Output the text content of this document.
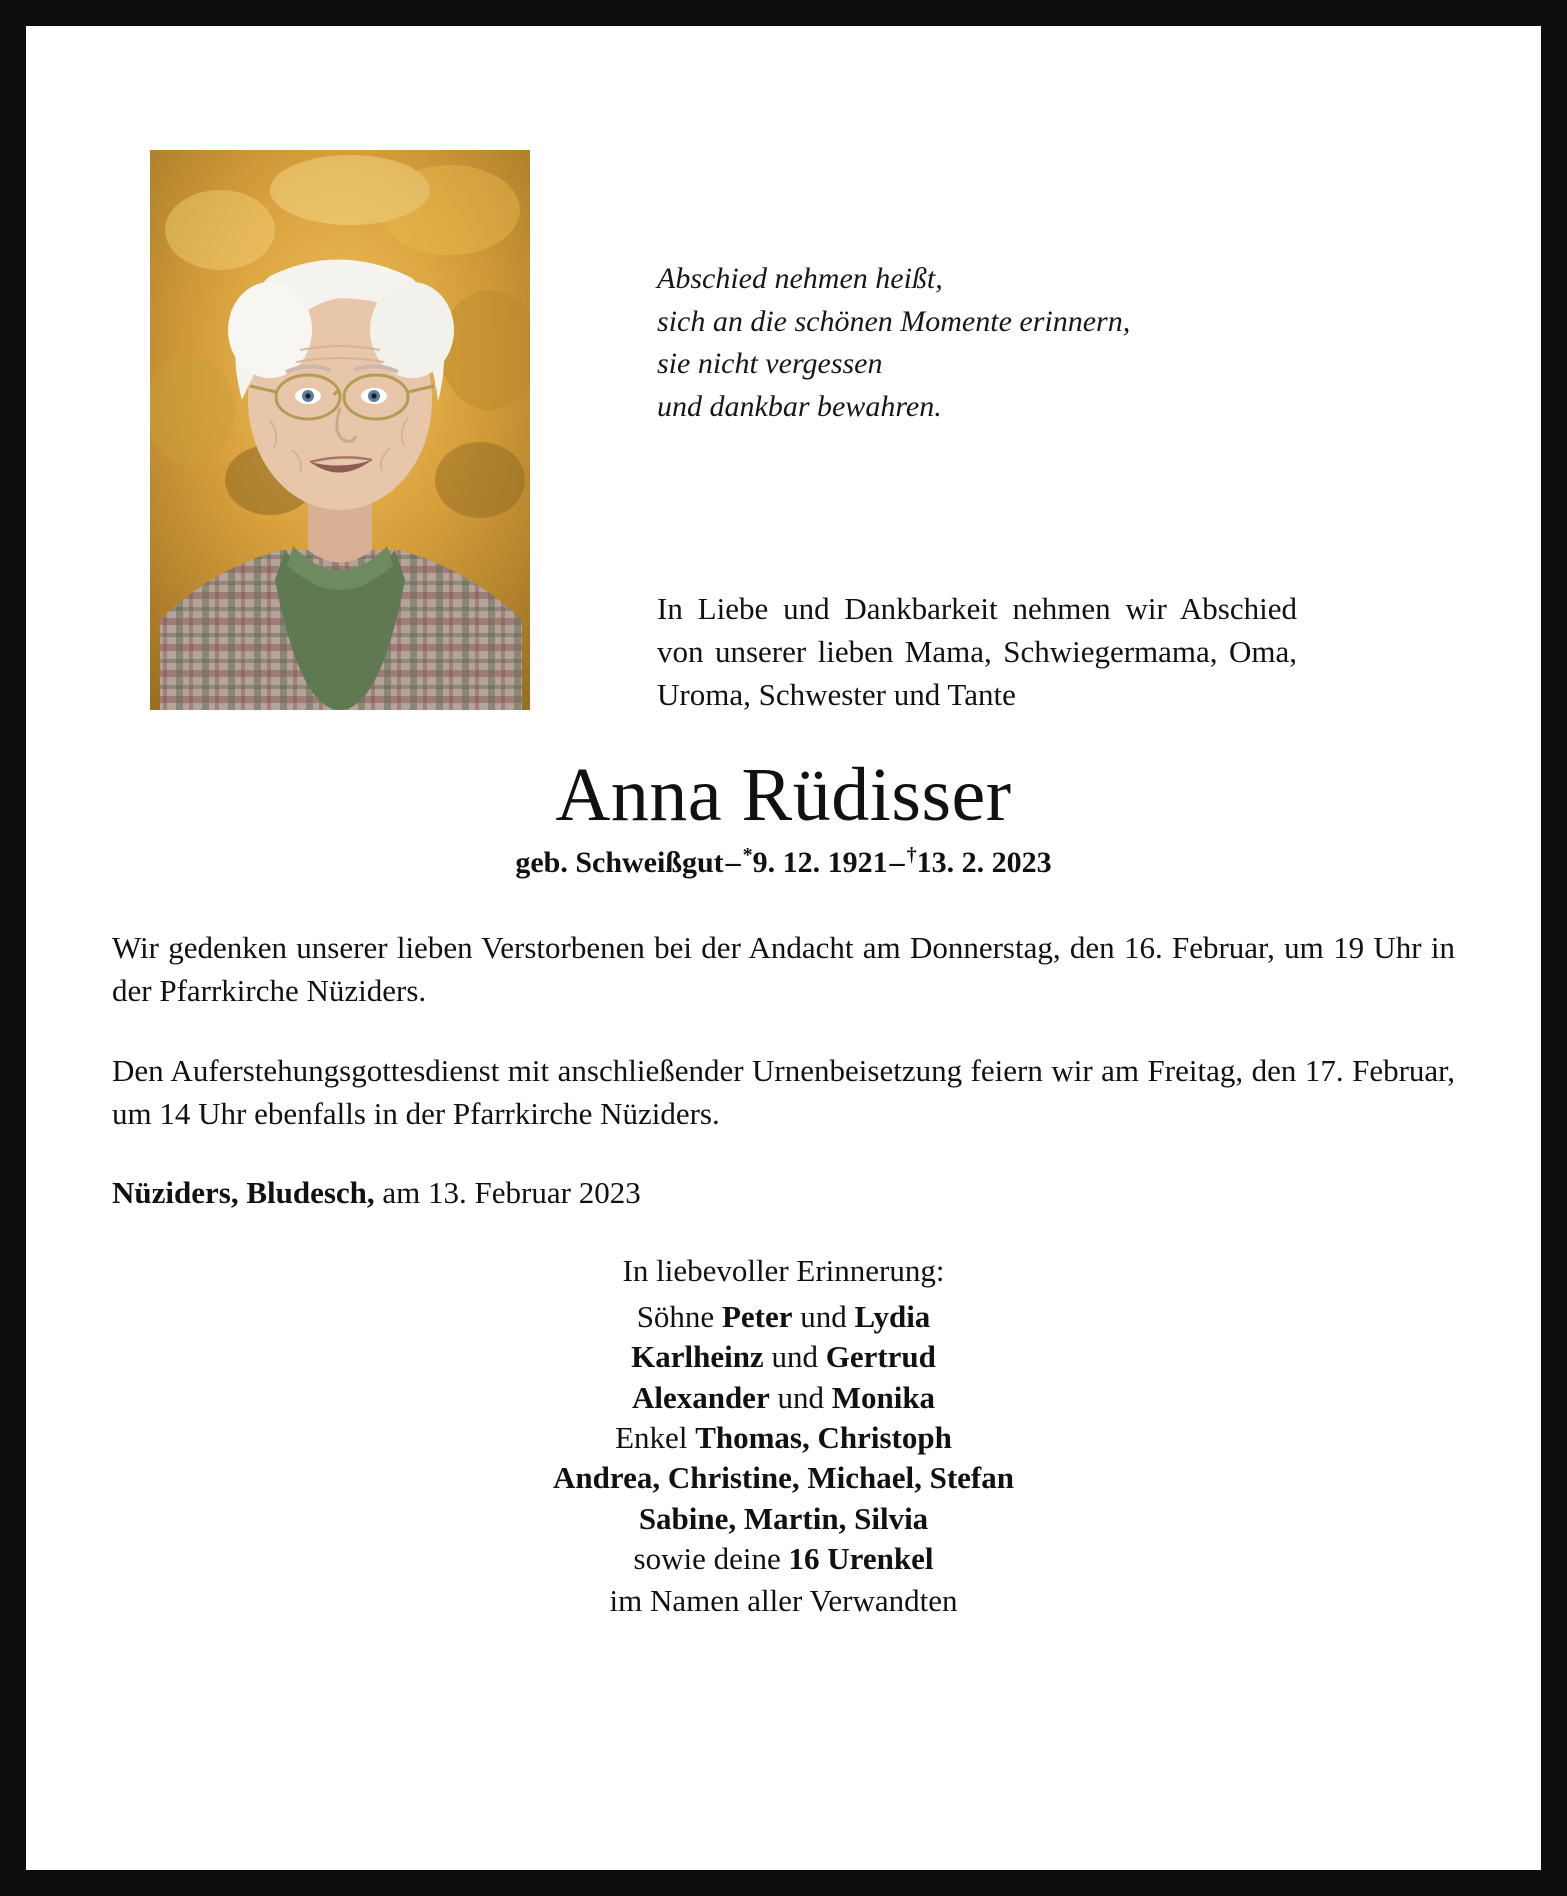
Abschied nehmen heißt,
sich an die schönen Momente erinnern,
sie nicht vergessen
und dankbar bewahren.
In Liebe und Dankbarkeit nehmen wir Abschied von unserer lieben Mama, Schwiegermama, Oma, Uroma, Schwester und Tante
Anna Rüdisser
geb. Schweißgut– *9. 12. 1921– †13. 2. 2023

Wir gedenken unserer lieben Verstorbenen bei der Andacht am Donnerstag, den 16. Februar, um 19 Uhr in der Pfarrkirche Nüziders.

Den Auferstehungsgottesdienst mit anschließender Urnenbeisetzung feiern wir am Freitag, den 17. Februar, um 14 Uhr ebenfalls in der Pfarrkirche Nüziders.

Nüziders, Bludesch, am 13. Februar 2023
In liebevoller Erinnerung:
Söhne Peter und Lydia
Karlheinz und Gertrud
Alexander und Monika
Enkel Thomas, Christoph
Andrea, Christine, Michael, Stefan
Sabine, Martin, Silvia
sowie deine 16 Urenkel
im Namen aller Verwandten
